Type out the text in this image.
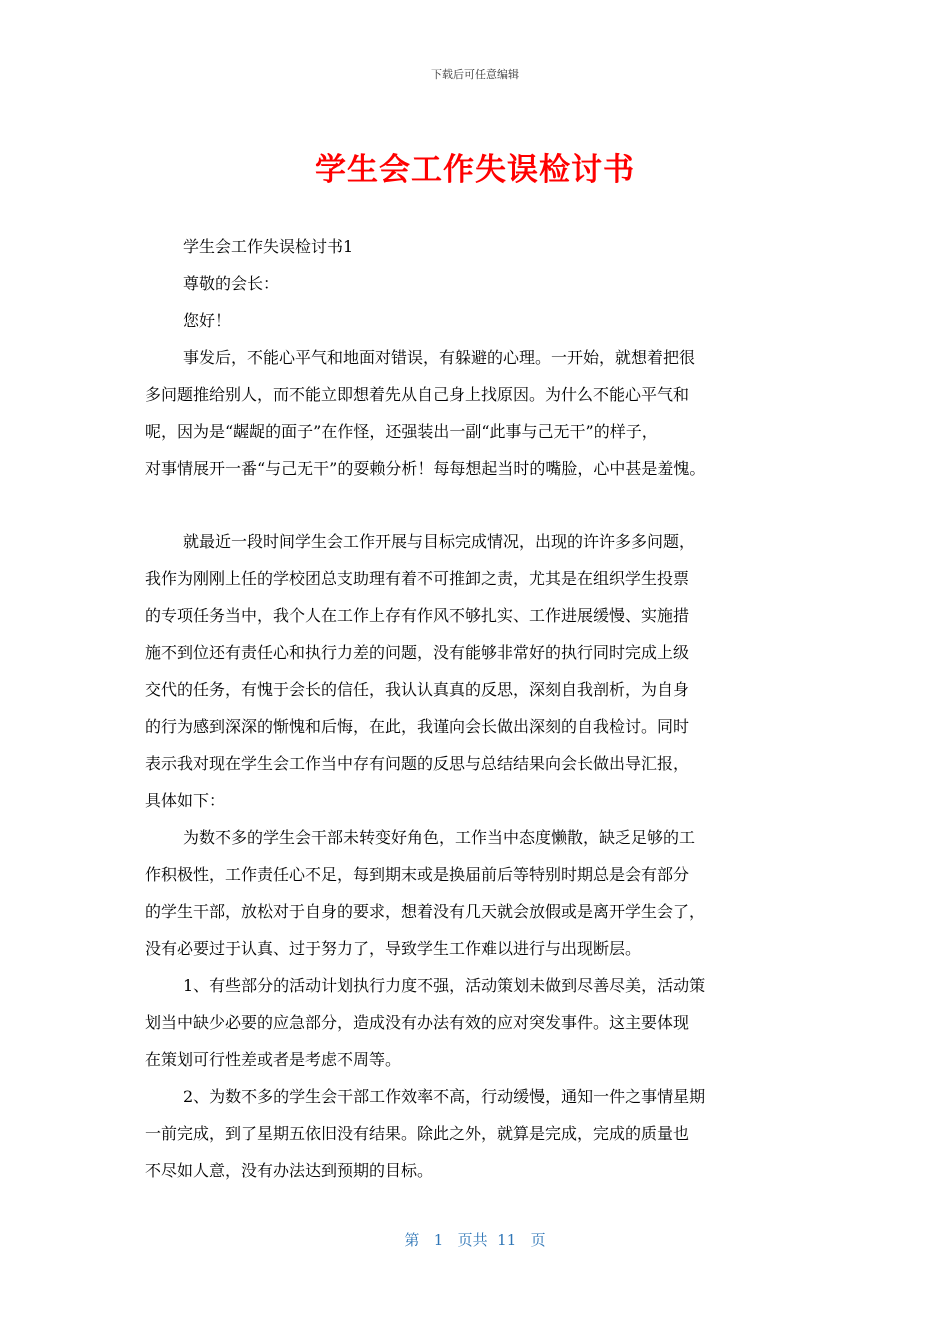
下载后可任意编辑
学生会工作失误检讨书
学生会工作失误检讨书1
尊敬的会长：
您好！
事发后，不能心平气和地面对错误，有躲避的心理。一开始，就想着把很
多问题推给别人，而不能立即想着先从自己身上找原因。为什么不能心平气和
呢，因为是“龌龊的面子”在作怪，还强装出一副“此事与己无干”的样子，
对事情展开一番“与己无干”的耍赖分析！每每想起当时的嘴脸，心中甚是羞愧。
就最近一段时间学生会工作开展与目标完成情况，出现的许许多多问题，
我作为刚刚上任的学校团总支助理有着不可推卸之责，尤其是在组织学生投票
的专项任务当中，我个人在工作上存有作风不够扎实、工作进展缓慢、实施措
施不到位还有责任心和执行力差的问题，没有能够非常好的执行同时完成上级
交代的任务，有愧于会长的信任，我认认真真的反思，深刻自我剖析，为自身
的行为感到深深的惭愧和后悔，在此，我谨向会长做出深刻的自我检讨。同时
表示我对现在学生会工作当中存有问题的反思与总结结果向会长做出导汇报，
具体如下：
为数不多的学生会干部未转变好角色，工作当中态度懒散，缺乏足够的工
作积极性，工作责任心不足，每到期末或是换届前后等特别时期总是会有部分
的学生干部，放松对于自身的要求，想着没有几天就会放假或是离开学生会了，
没有必要过于认真、过于努力了，导致学生工作难以进行与出现断层。
1、有些部分的活动计划执行力度不强，活动策划未做到尽善尽美，活动策
划当中缺少必要的应急部分，造成没有办法有效的应对突发事件。这主要体现
在策划可行性差或者是考虑不周等。
2、为数不多的学生会干部工作效率不高，行动缓慢，通知一件之事情星期
一前完成，到了星期五依旧没有结果。除此之外，就算是完成，完成的质量也
不尽如人意，没有办法达到预期的目标。
第 1 页共 11 页
